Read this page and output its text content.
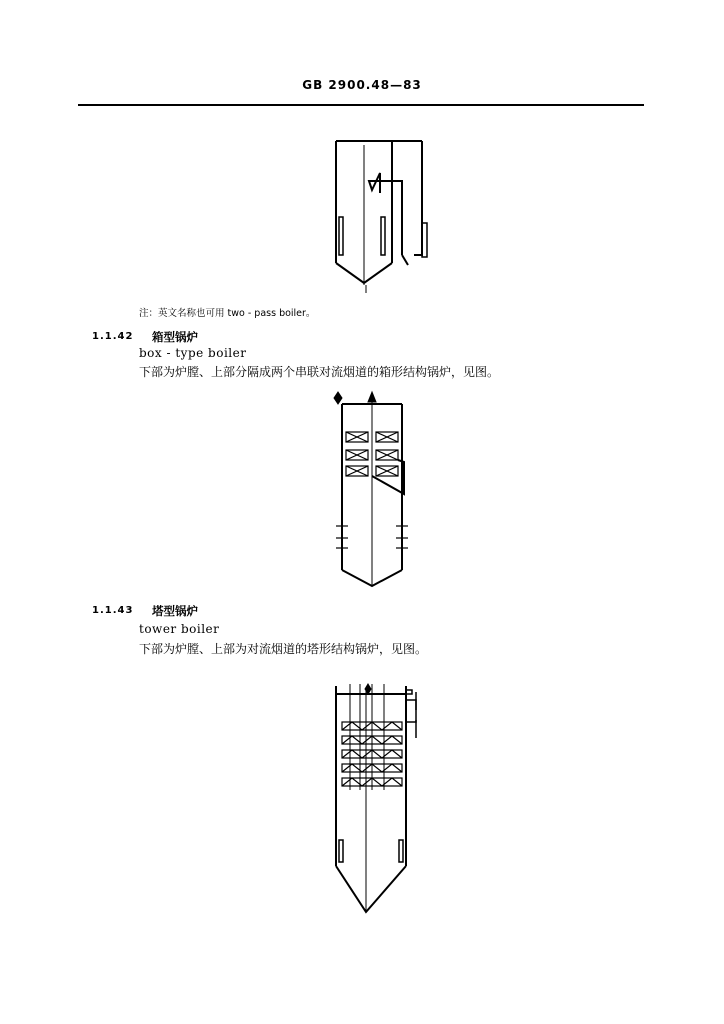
GB 2900.48—83
注：英文名称也可用 two - pass boiler。
1.1.42 箱型锅炉
box - type boiler
下部为炉膛、上部分隔成两个串联对流烟道的箱形结构锅炉，见图。
1.1.43 塔型锅炉
tower boiler
下部为炉膛、上部为对流烟道的塔形结构锅炉，见图。
